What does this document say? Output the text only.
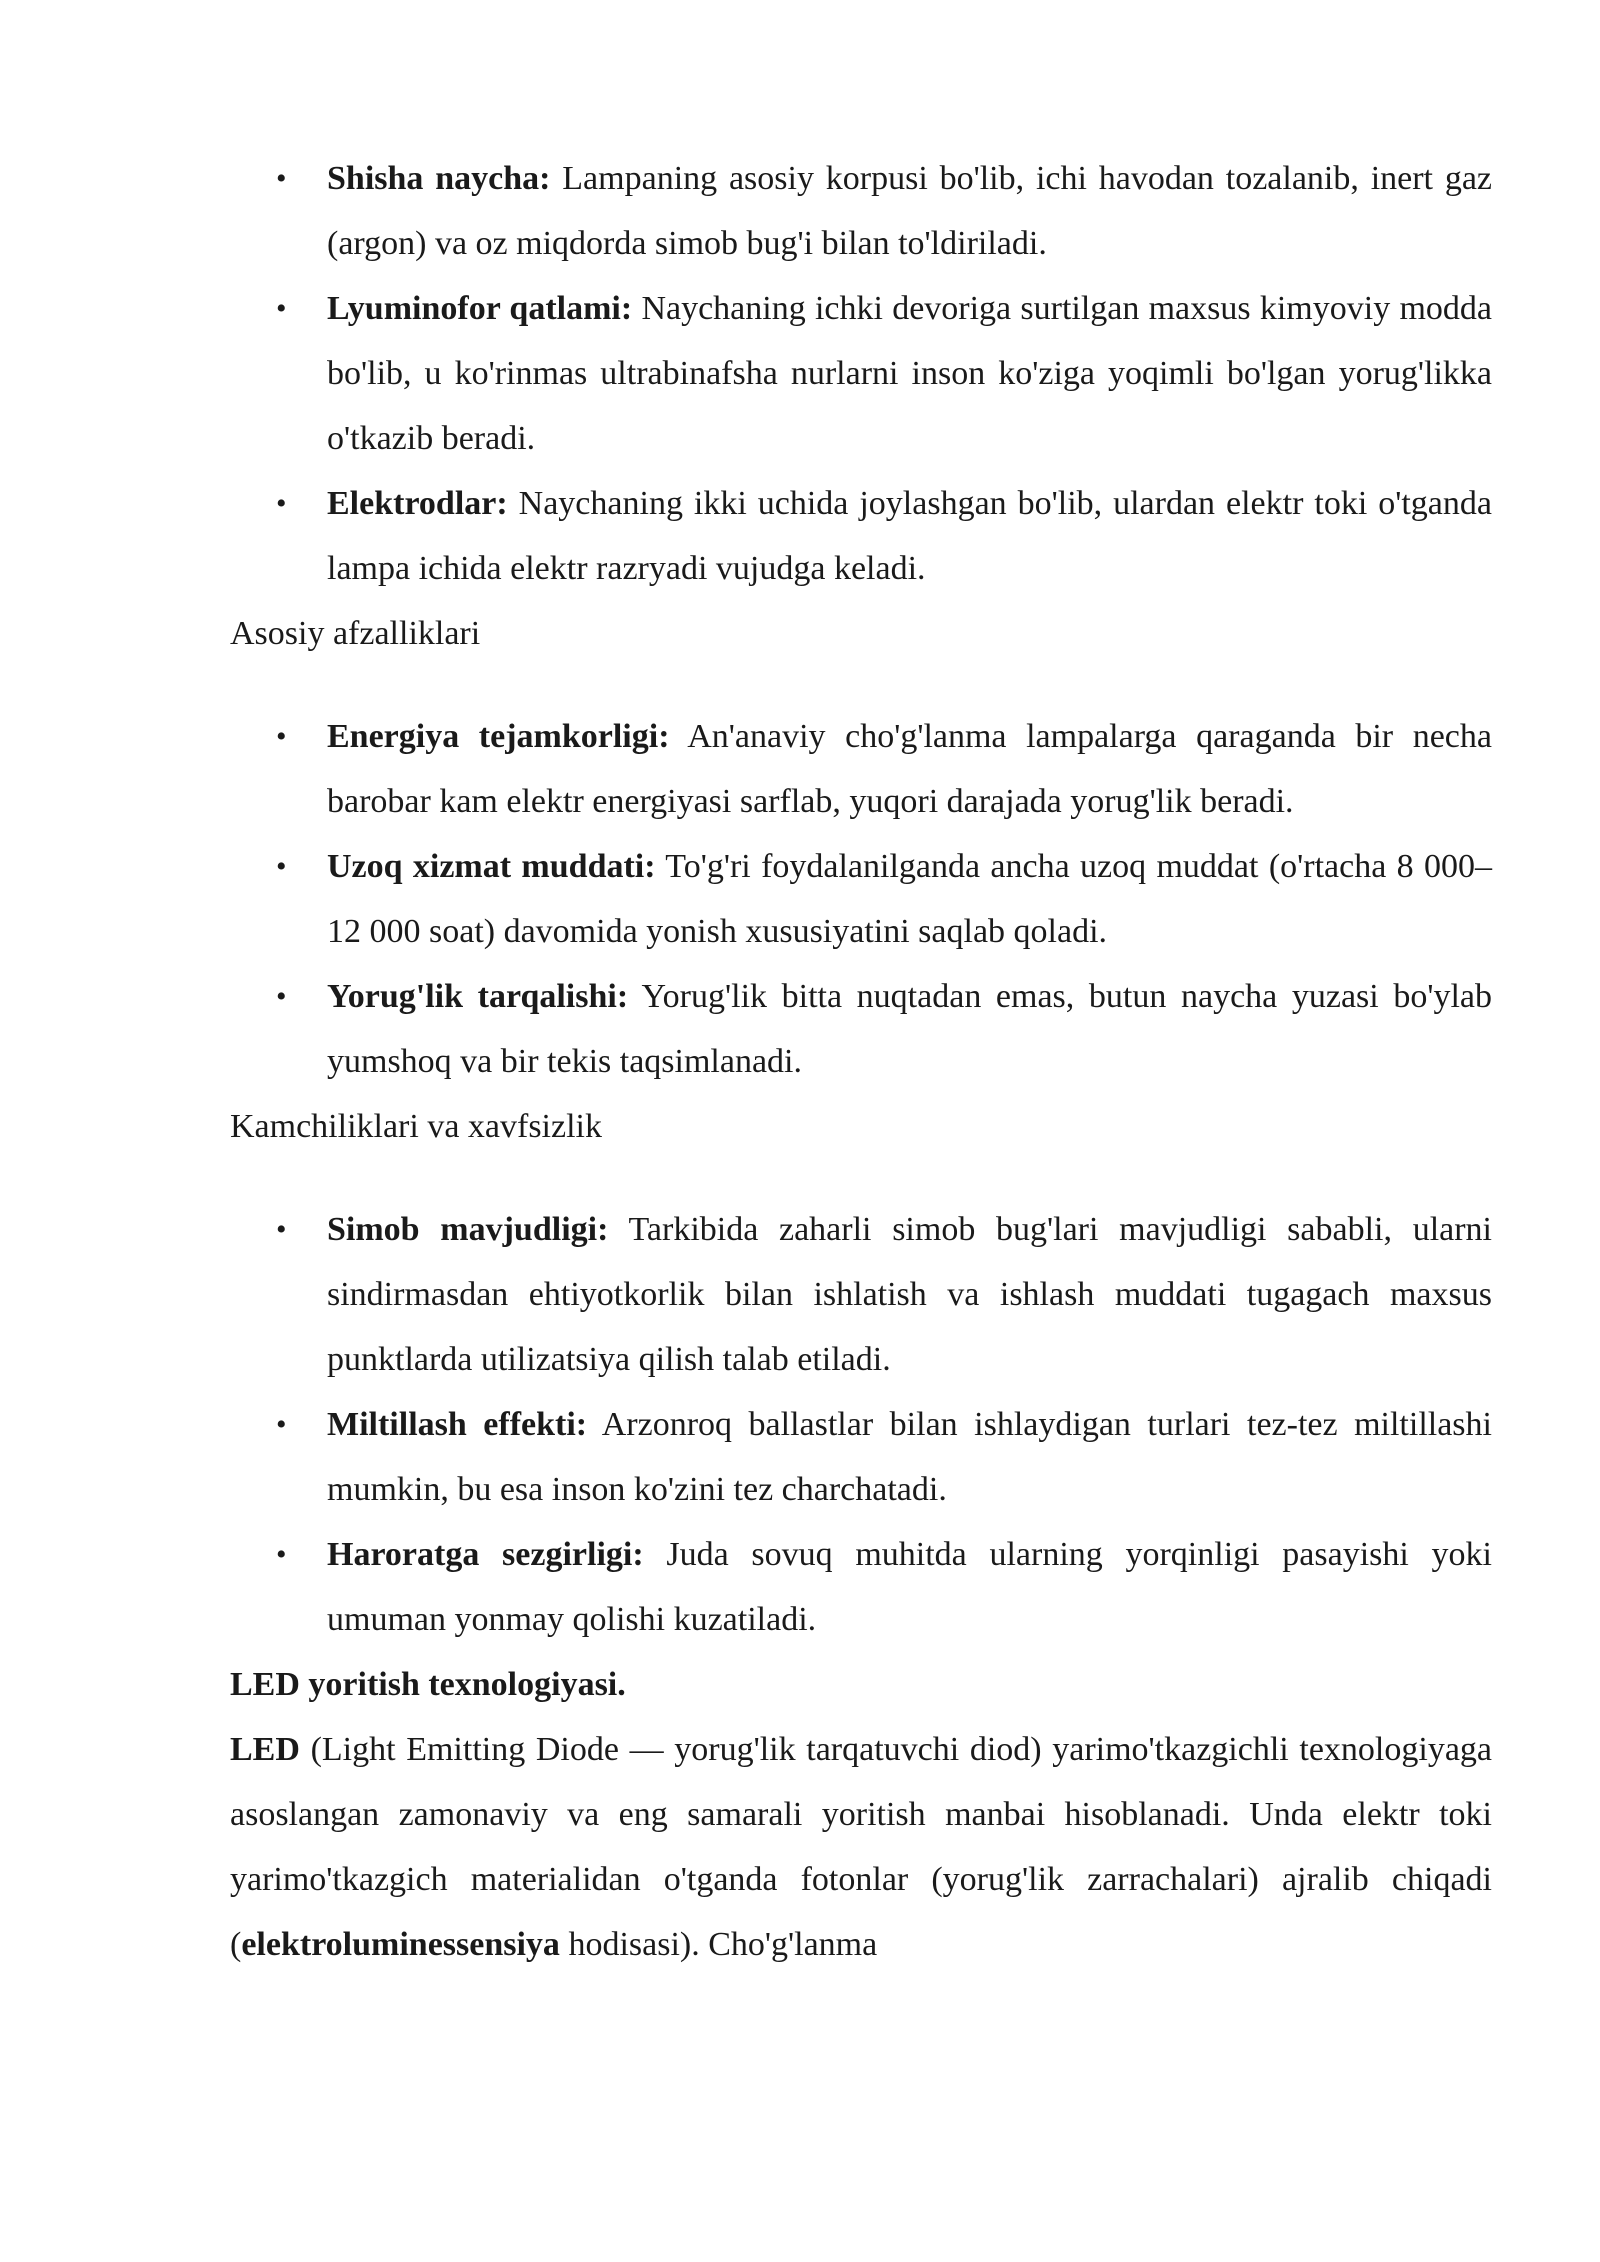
• Shisha naycha: Lampaning asosiy korpusi bo'lib, ichi havodan tozalanib, inert gaz (argon) va oz miqdorda simob bug'i bilan to'ldiriladi.
• Lyuminofor qatlami: Naychaning ichki devoriga surtilgan maxsus kimyoviy modda bo'lib, u ko'rinmas ultrabinafsha nurlarni inson ko'ziga yoqimli bo'lgan yorug'likka o'tkazib beradi.
• Elektrodlar: Naychaning ikki uchida joylashgan bo'lib, ulardan elektr toki o'tganda lampa ichida elektr razryadi vujudga keladi.

Asosiy afzalliklari

• Energiya tejamkorligi: An'anaviy cho'g'lanma lampalarga qaraganda bir necha barobar kam elektr energiyasi sarflab, yuqori darajada yorug'lik beradi.
• Uzoq xizmat muddati: To'g'ri foydalanilganda ancha uzoq muddat (o'rtacha 8 000–12 000 soat) davomida yonish xususiyatini saqlab qoladi.
• Yorug'lik tarqalishi: Yorug'lik bitta nuqtadan emas, butun naycha yuzasi bo'ylab yumshoq va bir tekis taqsimlanadi.

Kamchiliklari va xavfsizlik

• Simob mavjudligi: Tarkibida zaharli simob bug'lari mavjudligi sababli, ularni sindirmasdan ehtiyotkorlik bilan ishlatish va ishlash muddati tugagach maxsus punktlarda utilizatsiya qilish talab etiladi.
• Miltillash effekti: Arzonroq ballastlar bilan ishlaydigan turlari tez-tez miltillashi mumkin, bu esa inson ko'zini tez charchatadi.
• Haroratga sezgirligi: Juda sovuq muhitda ularning yorqinligi pasayishi yoki umuman yonmay qolishi kuzatiladi.

LED yoritish texnologiyasi.

LED (Light Emitting Diode — yorug'lik tarqatuvchi diod) yarimo'tkazgichli texnologiyaga asoslangan zamonaviy va eng samarali yoritish manbai hisoblanadi. Unda elektr toki yarimo'tkazgich materialidan o'tganda fotonlar (yorug'lik zarrachalari) ajralib chiqadi (elektroluminessensiya hodisasi). Cho'g'lanma
